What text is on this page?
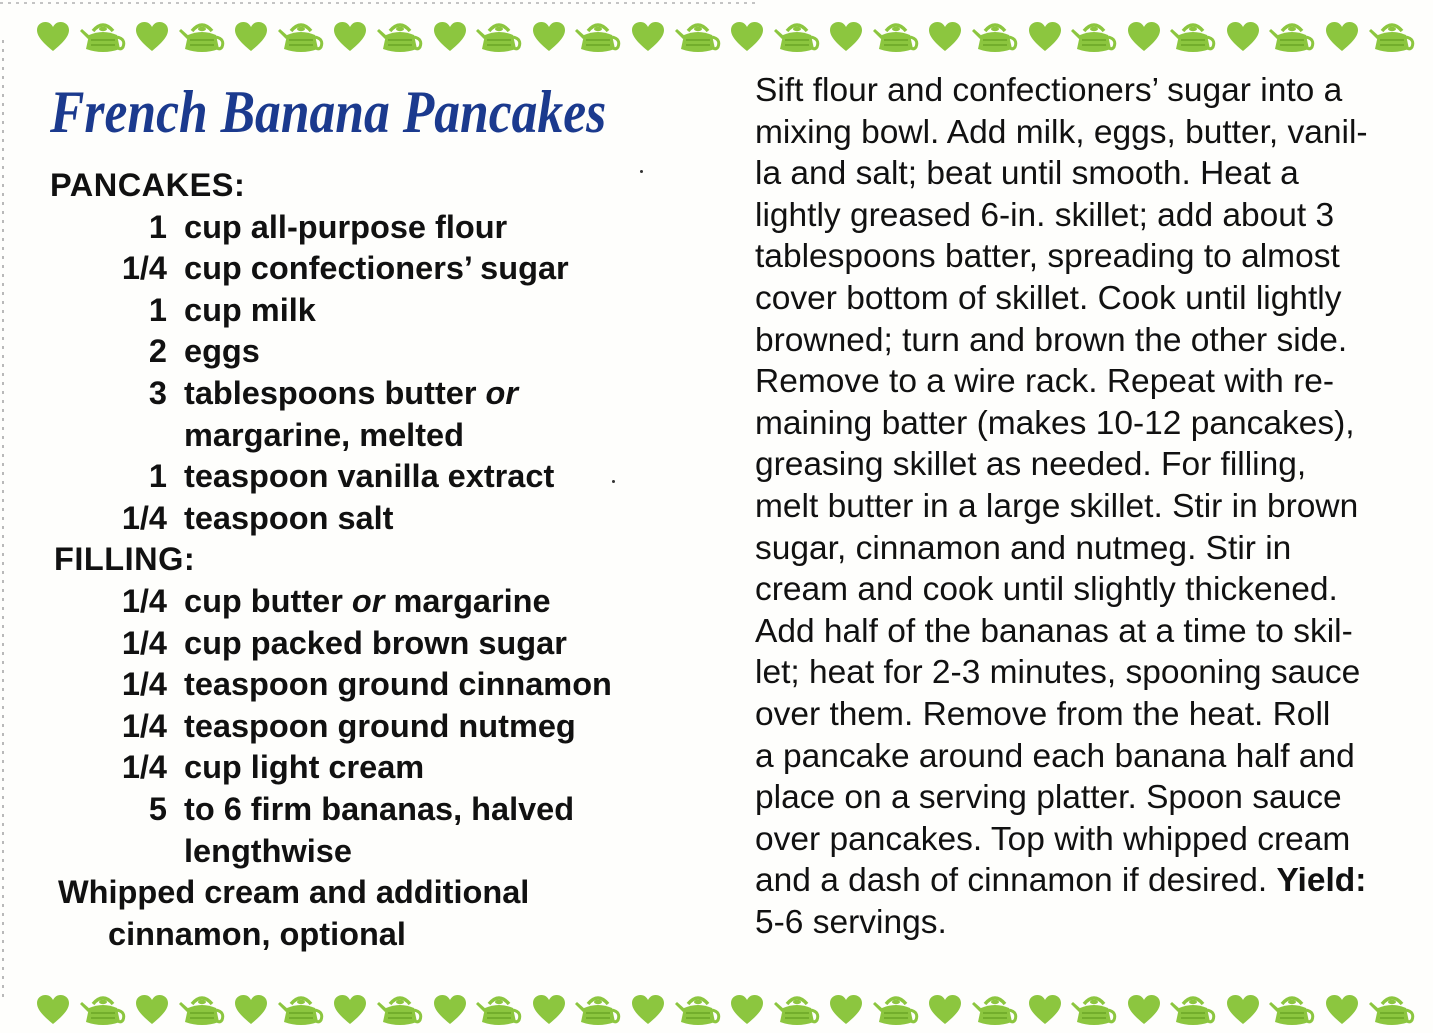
French Banana Pancakes
PANCAKES:
1 cup all-purpose flour
1/4 cup confectioners’ sugar
1 cup milk
2 eggs
3 tablespoons butter or
margarine, melted
1 teaspoon vanilla extract
1/4 teaspoon salt
FILLING:
1/4 cup butter or margarine
1/4 cup packed brown sugar
1/4 teaspoon ground cinnamon
1/4 teaspoon ground nutmeg
1/4 cup light cream
5 to 6 firm bananas, halved
lengthwise
Whipped cream and additional
cinnamon, optional
Sift flour and confectioners’ sugar into a
mixing bowl. Add milk, eggs, butter, vanil-
la and salt; beat until smooth. Heat a
lightly greased 6-in. skillet; add about 3
tablespoons batter, spreading to almost
cover bottom of skillet. Cook until lightly
browned; turn and brown the other side.
Remove to a wire rack. Repeat with re-
maining batter (makes 10-12 pancakes),
greasing skillet as needed. For filling,
melt butter in a large skillet. Stir in brown
sugar, cinnamon and nutmeg. Stir in
cream and cook until slightly thickened.
Add half of the bananas at a time to skil-
let; heat for 2-3 minutes, spooning sauce
over them. Remove from the heat. Roll
a pancake around each banana half and
place on a serving platter. Spoon sauce
over pancakes. Top with whipped cream
and a dash of cinnamon if desired. Yield:
5-6 servings.
